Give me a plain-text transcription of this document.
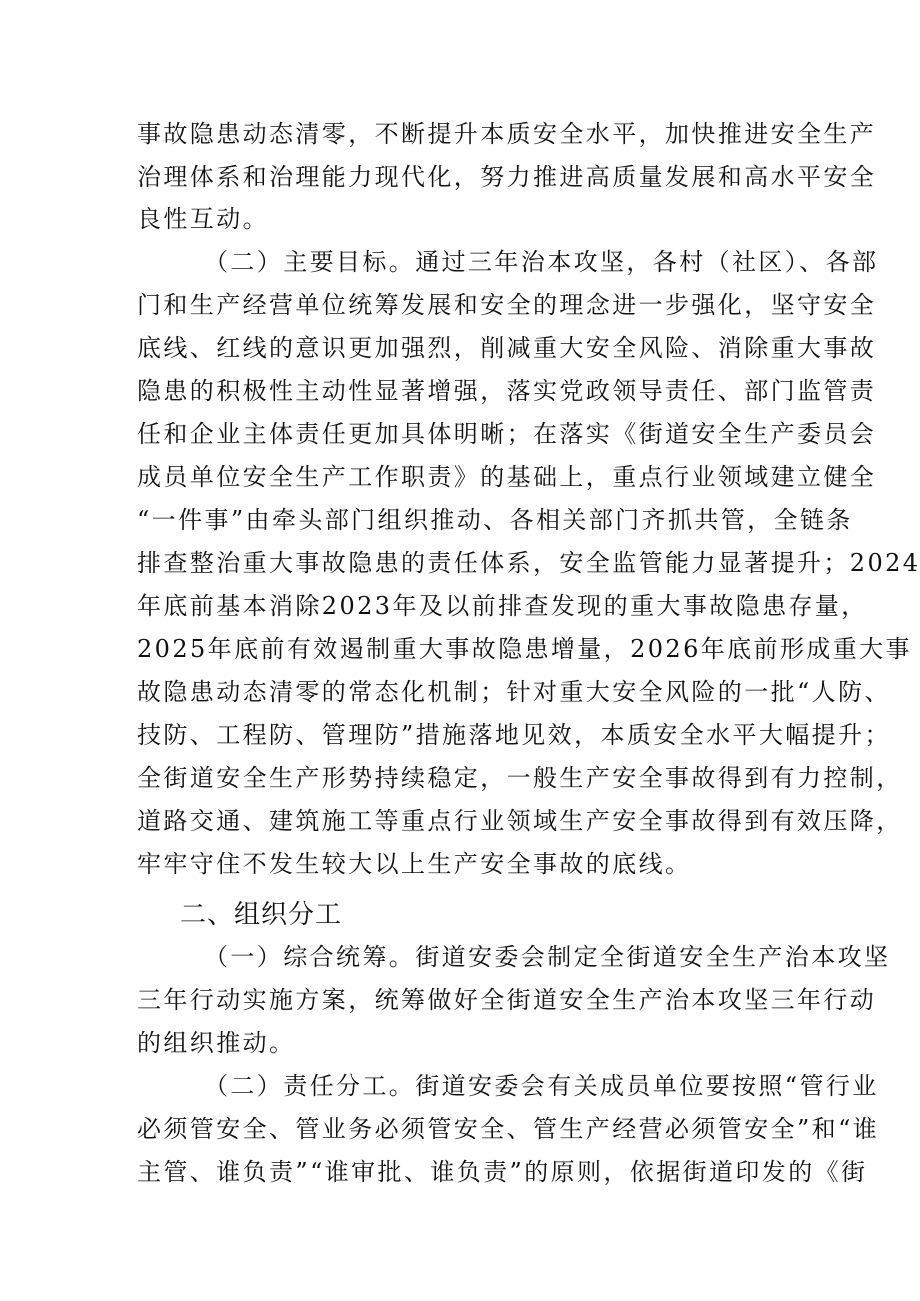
事故隐患动态清零，不断提升本质安全水平，加快推进安全生产
治理体系和治理能力现代化，努力推进高质量发展和高水平安全
良性互动。
（二）主要目标。通过三年治本攻坚，各村（社区）、各部
门和生产经营单位统筹发展和安全的理念进一步强化，坚守安全
底线、红线的意识更加强烈，削减重大安全风险、消除重大事故
隐患的积极性主动性显著增强，落实党政领导责任、部门监管责
任和企业主体责任更加具体明晰；在落实《街道安全生产委员会
成员单位安全生产工作职责》的基础上，重点行业领域建立健全
“一件事”由牵头部门组织推动、各相关部门齐抓共管，全链条
排查整治重大事故隐患的责任体系，安全监管能力显著提升；2024
年底前基本消除2023年及以前排查发现的重大事故隐患存量，
2025年底前有效遏制重大事故隐患增量，2026年底前形成重大事
故隐患动态清零的常态化机制；针对重大安全风险的一批“人防、
技防、工程防、管理防”措施落地见效，本质安全水平大幅提升；
全街道安全生产形势持续稳定，一般生产安全事故得到有力控制，
道路交通、建筑施工等重点行业领域生产安全事故得到有效压降，
牢牢守住不发生较大以上生产安全事故的底线。
二、组织分工
（一）综合统筹。街道安委会制定全街道安全生产治本攻坚
三年行动实施方案，统筹做好全街道安全生产治本攻坚三年行动
的组织推动。
（二）责任分工。街道安委会有关成员单位要按照“管行业
必须管安全、管业务必须管安全、管生产经营必须管安全”和“谁
主管、谁负责”“谁审批、谁负责”的原则，依据街道印发的《街
